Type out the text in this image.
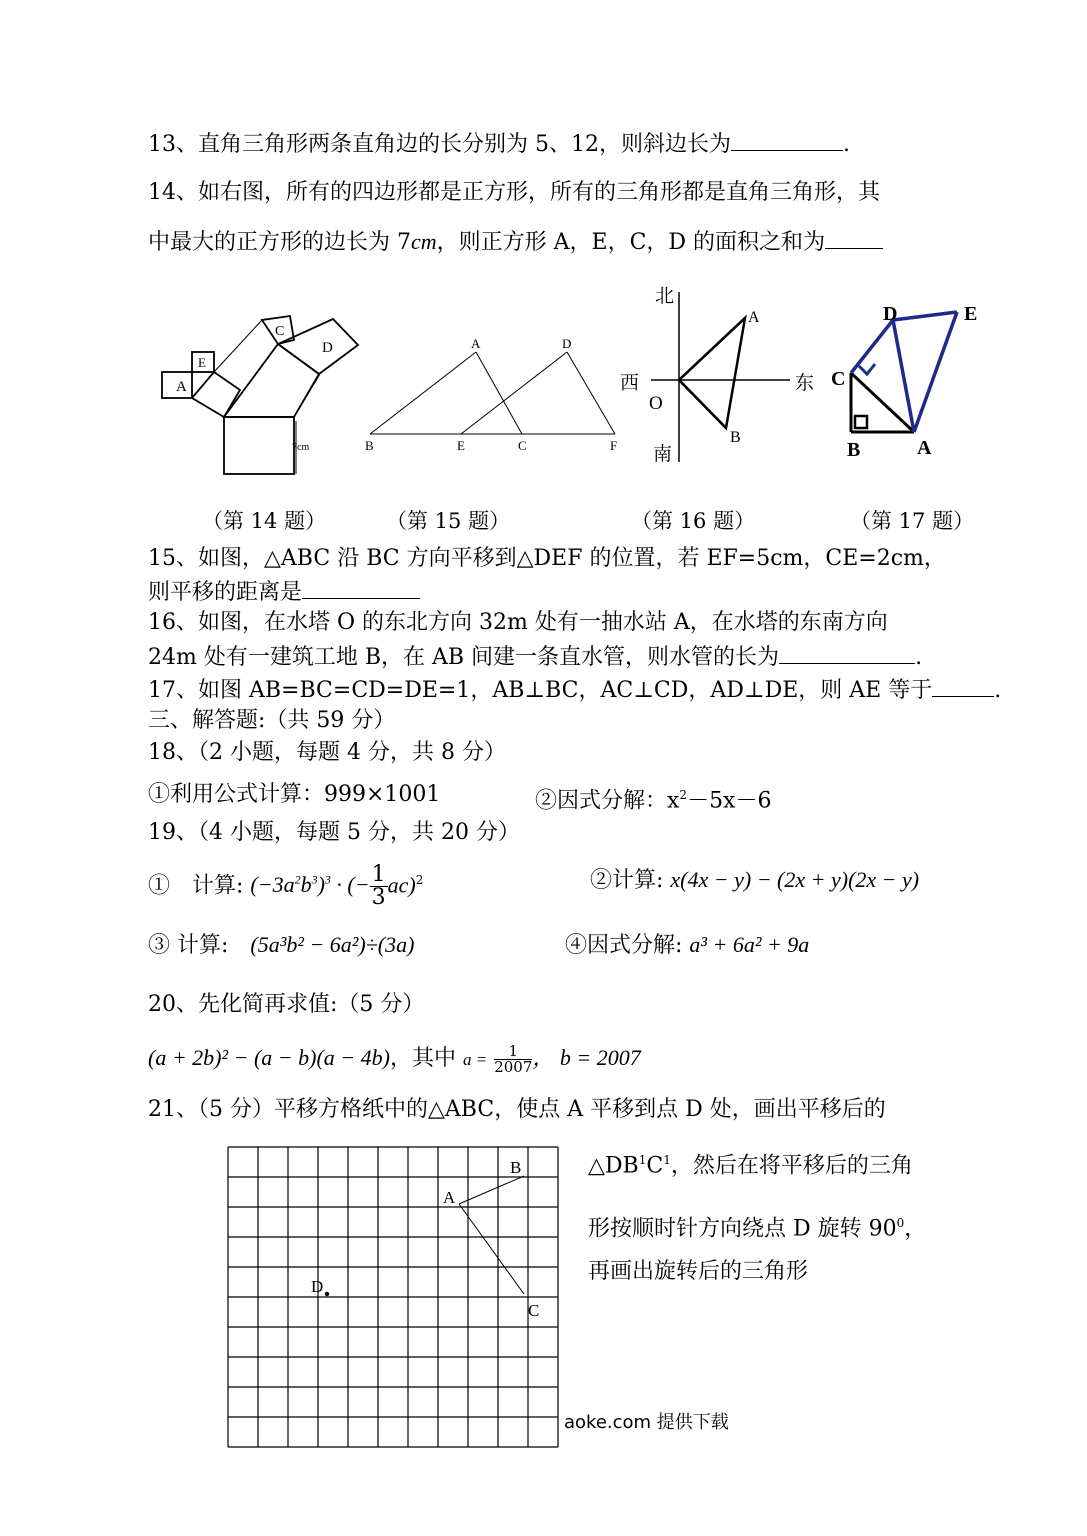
13、直角三角形两条直角边的长分别为 5、12，则斜边长为	.
14、如右图，所有的四边形都是正方形，所有的三角形都是直角三角形，其
中最大的正方形的边长为 7cm，则正方形 A，E，C，D 的面积之和为
A
E
C
D
7cm
A	D
B	E	C	F
北
南
西	东
O
A
B
D	E
C
B	A
（第 14 题）	（第 15 题）	（第 16 题）	（第 17 题）
15、如图，△ABC 沿 BC 方向平移到△DEF 的位置，若 EF=5cm，CE=2cm，
则平移的距离是
16、如图，在水塔 O 的东北方向 32m 处有一抽水站 A，在水塔的东南方向
24m 处有一建筑工地 B，在 AB 间建一条直水管，则水管的长为	.
17、如图 AB=BC=CD=DE=1，AB⊥BC，AC⊥CD，AD⊥DE，则 AE 等于	.
三、解答题:（共 59 分）
18、（2 小题，每题 4 分，共 8 分）
①利用公式计算：999×1001	②因式分解：$x^2-5x-6$
19、（4 小题，每题 5 分，共 20 分）
①　计算: $(-3a^2b^3)^3$ · (− $\frac{1}{3} ac)^2$	②计算: x(4x − y) − (2x + y)(2x − y)
③ 计算:　 (5a³b² − 6a²)÷(3a)	④因式分解: a³ + 6a² + 9a
20、先化简再求值:（5 分）
(a + 2b)² − (a − b)(a − 4b)，其中 $a = \frac{1}{2007}$ ， b = 2007
21、（5 分）平移方格纸中的△ABC，使点 A 平移到点 D 处，画出平移后的
$\triangle DB^1C^1$，然后在将平移后的三角
形按顺时针方向绕点 D 旋转 $90^0$，
再画出旋转后的三角形
A
B
C
D
aoke.com 提供下载
